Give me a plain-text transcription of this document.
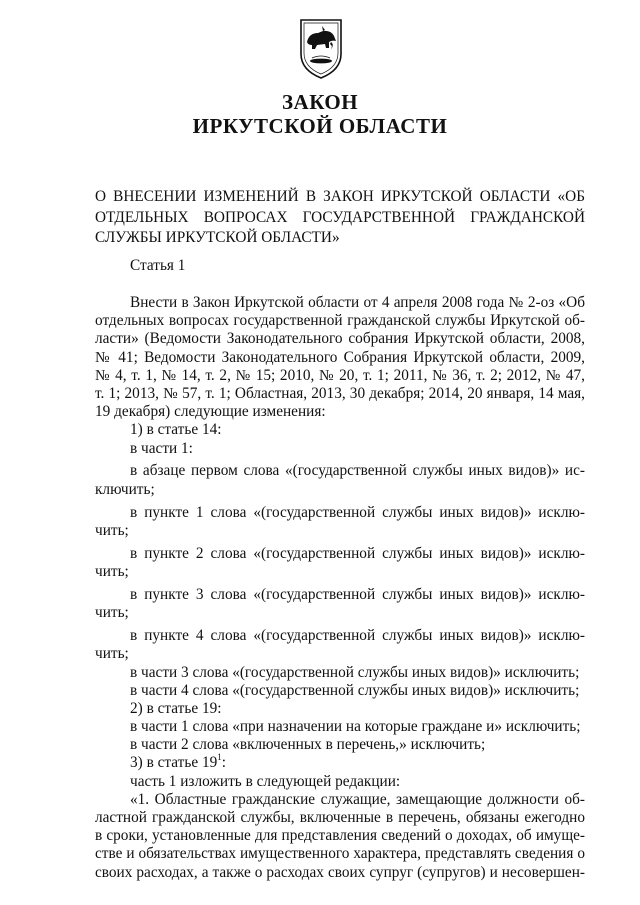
ЗАКОН
ИРКУТСКОЙ ОБЛАСТИ
О ВНЕСЕНИИ ИЗМЕНЕНИЙ В ЗАКОН ИРКУТСКОЙ ОБЛАСТИ «ОБ
ОТДЕЛЬНЫХ ВОПРОСАХ ГОСУДАРСТВЕННОЙ ГРАЖДАНСКОЙ
СЛУЖБЫ ИРКУТСКОЙ ОБЛАСТИ»
Статья 1
Внести в Закон Иркутской области от 4 апреля 2008 года № 2-оз «Об
отдельных вопросах государственной гражданской службы Иркутской об-
ласти» (Ведомости Законодательного собрания Иркутской области, 2008,
№ 41; Ведомости Законодательного Собрания Иркутской области, 2009,
№ 4, т. 1, № 14, т. 2, № 15; 2010, № 20, т. 1; 2011, № 36, т. 2; 2012, № 47,
т. 1; 2013, № 57, т. 1; Областная, 2013, 30 декабря; 2014, 20 января, 14 мая,
19 декабря) следующие изменения:
1) в статье 14:
в части 1:
в абзаце первом слова «(государственной службы иных видов)» ис-
ключить;
в пункте 1 слова «(государственной службы иных видов)» исклю-
чить;
в пункте 2 слова «(государственной службы иных видов)» исклю-
чить;
в пункте 3 слова «(государственной службы иных видов)» исклю-
чить;
в пункте 4 слова «(государственной службы иных видов)» исклю-
чить;
в части 3 слова «(государственной службы иных видов)» исключить;
в части 4 слова «(государственной службы иных видов)» исключить;
2) в статье 19:
в части 1 слова «при назначении на которые граждане и» исключить;
в части 2 слова «включенных в перечень,» исключить;
3) в статье $19^1$:
часть 1 изложить в следующей редакции:
«1. Областные гражданские служащие, замещающие должности об-
ластной гражданской службы, включенные в перечень, обязаны ежегодно
в сроки, установленные для представления сведений о доходах, об имуще-
стве и обязательствах имущественного характера, представлять сведения о
своих расходах, а также о расходах своих супруг (супругов) и несовершен-
